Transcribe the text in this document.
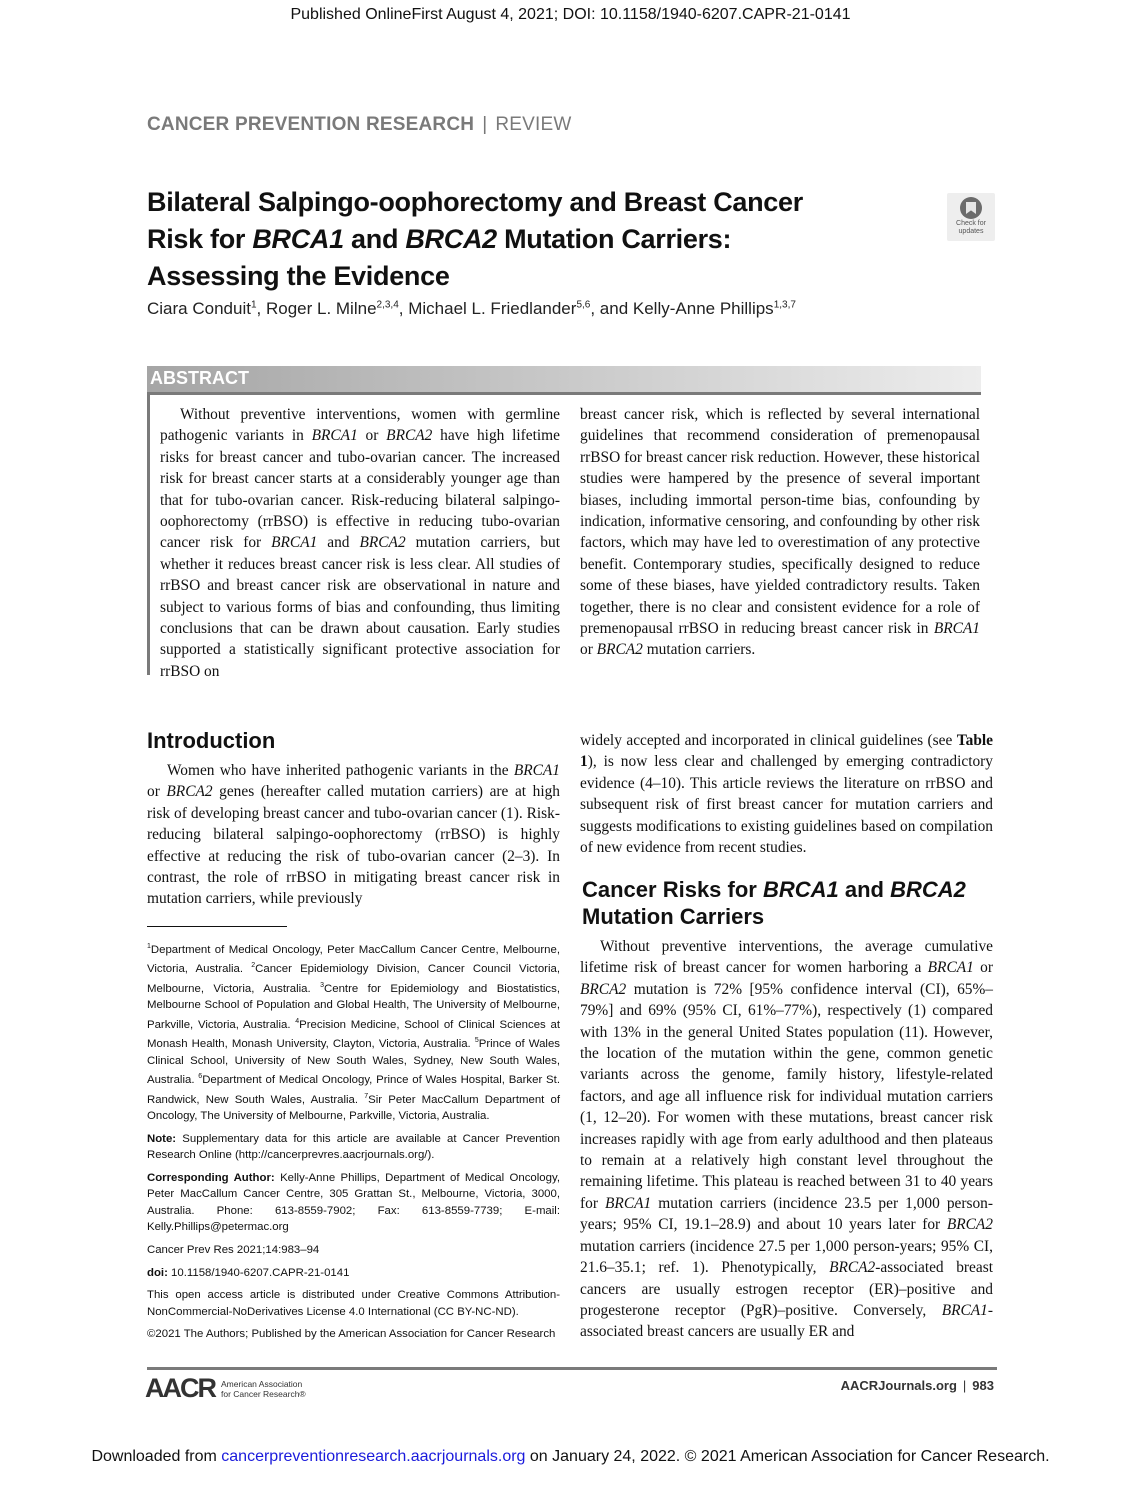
Published OnlineFirst August 4, 2021; DOI: 10.1158/1940-6207.CAPR-21-0141
CANCER PREVENTION RESEARCH | REVIEW
Bilateral Salpingo-oophorectomy and Breast Cancer
Risk for BRCA1 and BRCA2 Mutation Carriers:
Assessing the Evidence
Check for
updates
Ciara Conduit$^1$, Roger L. Milne$^{2,3,4}$, Michael L. Friedlander$^{5,6}$, and Kelly-Anne Phillips$^{1,3,7}$
ABSTRACT

Without preventive interventions, women with germline pathogenic variants in BRCA1 or BRCA2 have high lifetime risks for breast cancer and tubo-ovarian cancer. The increased risk for breast cancer starts at a considerably younger age than that for tubo-ovarian cancer. Risk-reducing bilateral salpingo-oophorectomy (rrBSO) is effective in reducing tubo-ovarian cancer risk for BRCA1 and BRCA2 mutation carriers, but whether it reduces breast cancer risk is less clear. All studies of rrBSO and breast cancer risk are observational in nature and subject to various forms of bias and confounding, thus limiting conclusions that can be drawn about causation. Early studies supported a statistically significant protective association for rrBSO on

breast cancer risk, which is reflected by several international guidelines that recommend consideration of premenopausal rrBSO for breast cancer risk reduction. However, these historical studies were hampered by the presence of several important biases, including immortal person-time bias, confounding by indication, informative censoring, and confounding by other risk factors, which may have led to overestimation of any protective benefit. Contemporary studies, specifically designed to reduce some of these biases, have yielded contradictory results. Taken together, there is no clear and consistent evidence for a role of premenopausal rrBSO in reducing breast cancer risk in BRCA1 or BRCA2 mutation carriers.

Introduction

Women who have inherited pathogenic variants in the BRCA1 or BRCA2 genes (hereafter called mutation carriers) are at high risk of developing breast cancer and tubo-ovarian cancer (1). Risk-reducing bilateral salpingo-oophorectomy (rrBSO) is highly effective at reducing the risk of tubo-ovarian cancer (2–3). In contrast, the role of rrBSO in mitigating breast cancer risk in mutation carriers, while previously

widely accepted and incorporated in clinical guidelines (see Table 1), is now less clear and challenged by emerging contradictory evidence (4–10). This article reviews the literature on rrBSO and subsequent risk of first breast cancer for mutation carriers and suggests modifications to existing guidelines based on compilation of new evidence from recent studies.

Cancer Risks for BRCA1 and BRCA2
Mutation Carriers

Without preventive interventions, the average cumulative lifetime risk of breast cancer for women harboring a BRCA1 or BRCA2 mutation is 72% [95% confidence interval (CI), 65%–79%] and 69% (95% CI, 61%–77%), respectively (1) compared with 13% in the general United States population (11). However, the location of the mutation within the gene, common genetic variants across the genome, family history, lifestyle-related factors, and age all influence risk for individual mutation carriers (1, 12–20). For women with these mutations, breast cancer risk increases rapidly with age from early adulthood and then plateaus to remain at a relatively high constant level throughout the remaining lifetime. This plateau is reached between 31 to 40 years for BRCA1 mutation carriers (incidence 23.5 per 1,000 person-years; 95% CI, 19.1–28.9) and about 10 years later for BRCA2 mutation carriers (incidence 27.5 per 1,000 person-years; 95% CI, 21.6–35.1; ref. 1). Phenotypically, BRCA2-associated breast cancers are usually estrogen receptor (ER)–positive and progesterone receptor (PgR)–positive. Conversely, BRCA1-associated breast cancers are usually ER and

$^1$Department of Medical Oncology, Peter MacCallum Cancer Centre, Melbourne, Victoria, Australia. $^2$Cancer Epidemiology Division, Cancer Council Victoria, Melbourne, Victoria, Australia. $^3$Centre for Epidemiology and Biostatistics, Melbourne School of Population and Global Health, The University of Melbourne, Parkville, Victoria, Australia. $^4$Precision Medicine, School of Clinical Sciences at Monash Health, Monash University, Clayton, Victoria, Australia. $^5$Prince of Wales Clinical School, University of New South Wales, Sydney, New South Wales, Australia. $^6$Department of Medical Oncology, Prince of Wales Hospital, Barker St. Randwick, New South Wales, Australia. $^7$Sir Peter MacCallum Department of Oncology, The University of Melbourne, Parkville, Victoria, Australia.

Note: Supplementary data for this article are available at Cancer Prevention Research Online (http://cancerprevres.aacrjournals.org/).

Corresponding Author: Kelly-Anne Phillips, Department of Medical Oncology, Peter MacCallum Cancer Centre, 305 Grattan St., Melbourne, Victoria, 3000, Australia. Phone: 613-8559-7902; Fax: 613-8559-7739; E-mail: Kelly.Phillips@petermac.org

Cancer Prev Res 2021;14:983–94

doi: 10.1158/1940-6207.CAPR-21-0141

This open access article is distributed under Creative Commons Attribution-NonCommercial-NoDerivatives License 4.0 International (CC BY-NC-ND).

©2021 The Authors; Published by the American Association for Cancer Research

AACR American Association
for Cancer Research®
AACRJournals.org | 983
Downloaded from cancerpreventionresearch.aacrjournals.org on January 24, 2022. © 2021 American Association for Cancer Research.
